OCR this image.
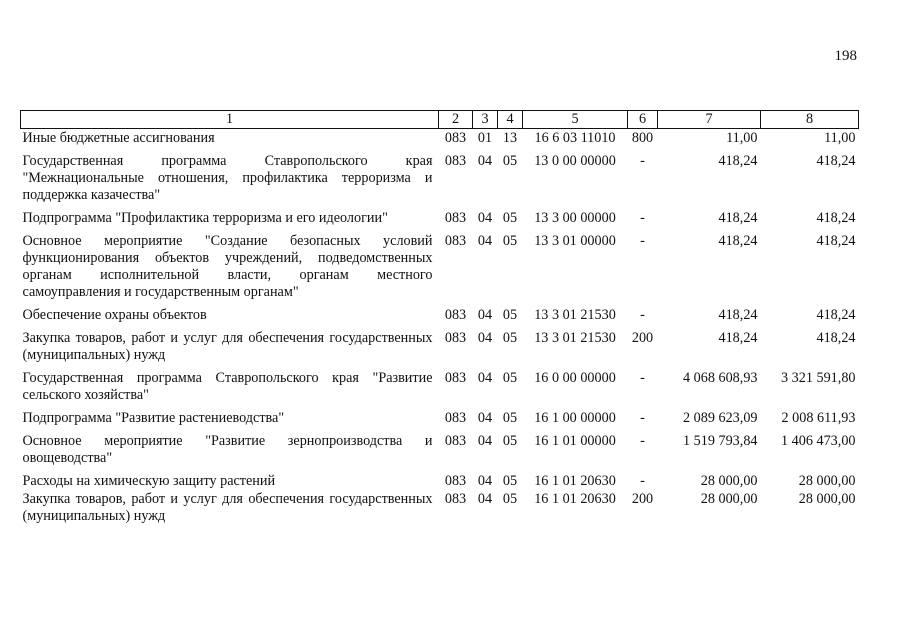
198
1	2	3	4	5	6	7	8
Иные бюджетные ассигнования	083	01	13	16 6 03 11010	800	11,00	11,00
Государственная программа Ставропольского края "Межнациональные отношения, профилактика терроризма и поддержка казачества"	083	04	05	13 0 00 00000	-	418,24	418,24
Подпрограмма "Профилактика терроризма и его идеологии"	083	04	05	13 3 00 00000	-	418,24	418,24
Основное мероприятие "Создание безопасных условий функционирования объектов учреждений, подведомственных органам исполнительной власти, органам местного самоуправления и государственным органам"	083	04	05	13 3 01 00000	-	418,24	418,24
Обеспечение охраны объектов	083	04	05	13 3 01 21530	-	418,24	418,24
Закупка товаров, работ и услуг для обеспечения государственных (муниципальных) нужд	083	04	05	13 3 01 21530	200	418,24	418,24
Государственная программа Ставропольского края "Развитие сельского хозяйства"	083	04	05	16 0 00 00000	-	4 068 608,93	3 321 591,80
Подпрограмма "Развитие растениеводства"	083	04	05	16 1 00 00000	-	2 089 623,09	2 008 611,93
Основное мероприятие "Развитие зернопроизводства и овощеводства"	083	04	05	16 1 01 00000	-	1 519 793,84	1 406 473,00
Расходы на химическую защиту растений	083	04	05	16 1 01 20630	-	28 000,00	28 000,00
Закупка товаров, работ и услуг для обеспечения государственных (муниципальных) нужд	083	04	05	16 1 01 20630	200	28 000,00	28 000,00
